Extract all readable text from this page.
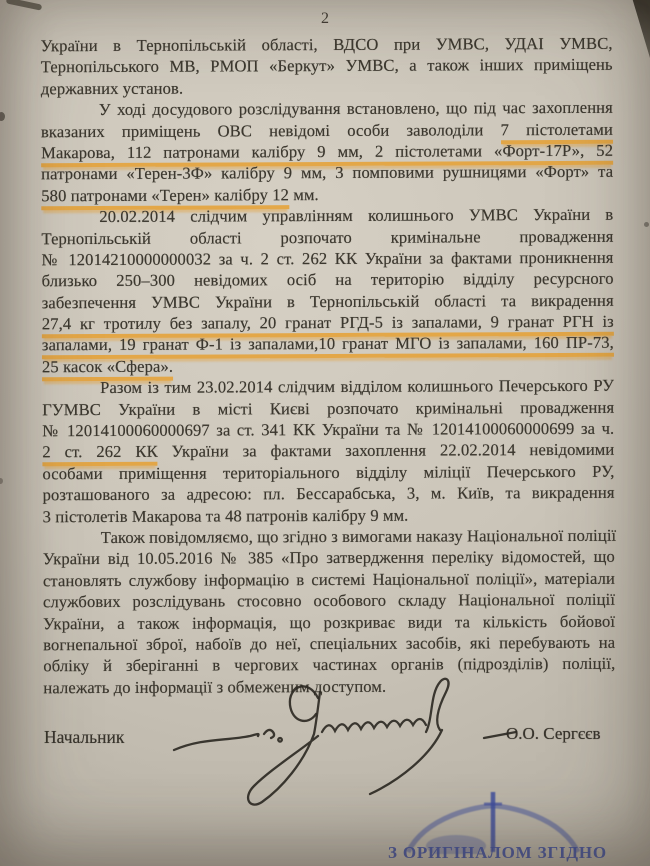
2
України в Тернопільській області, ВДСО при УМВС, УДАІ УМВС,
Тернопільського МВ, РМОП «Беркут» УМВС, а також інших приміщень
державних установ.
У ході досудового розслідування встановлено, що під час захоплення
вказаних приміщень ОВС невідомі особи заволоділи 7 пістолетами
Макарова, 112 патронами калібру 9 мм, 2 пістолетами «Форт-17Р», 52
патронами «Терен-3Ф» калібру 9 мм, 3 помповими рушницями «Форт» та
580 патронами «Терен» калібру 12 мм.
20.02.2014 слідчим управлінням колишнього УМВС України в
Тернопільській області розпочато кримінальне провадження
№ 12014210000000032 за ч. 2 ст. 262 КК України за фактами проникнення
близько 250–300 невідомих осіб на територію відділу ресурсного
забезпечення УМВС України в Тернопільській області та викрадення
27,4 кг тротилу без запалу, 20 гранат РГД-5 із запалами, 9 гранат РГН із
запалами, 19 гранат Ф-1 із запалами,10 гранат МГО із запалами, 160 ПР-73,
25 касок «Сфера».
Разом із тим 23.02.2014 слідчим відділом колишнього Печерського РУ
ГУМВС України в місті Києві розпочато кримінальні провадження
№ 12014100060000697 за ст. 341 КК України та № 12014100060000699 за ч.
2 ст. 262 КК України за фактами захоплення 22.02.2014 невідомими
особами приміщення територіального відділу міліції Печерського РУ,
розташованого за адресою: пл. Бессарабська, 3, м. Київ, та викрадення
3 пістолетів Макарова та 48 патронів калібру 9 мм.
Також повідомляємо, що згідно з вимогами наказу Національної поліції
України від 10.05.2016 № 385 «Про затвердження переліку відомостей, що
становлять службову інформацію в системі Національної поліції», матеріали
службових розслідувань стосовно особового складу Національної поліції
України, а також інформація, що розкриває види та кількість бойової
вогнепальної зброї, набоїв до неї, спеціальних засобів, які перебувають на
обліку й зберіганні в чергових частинах органів (підрозділів) поліції,
належать до інформації з обмеженим доступом.
Начальник	О.О. Сергєєв
З ОРИГІНАЛОМ ЗГІДНО
